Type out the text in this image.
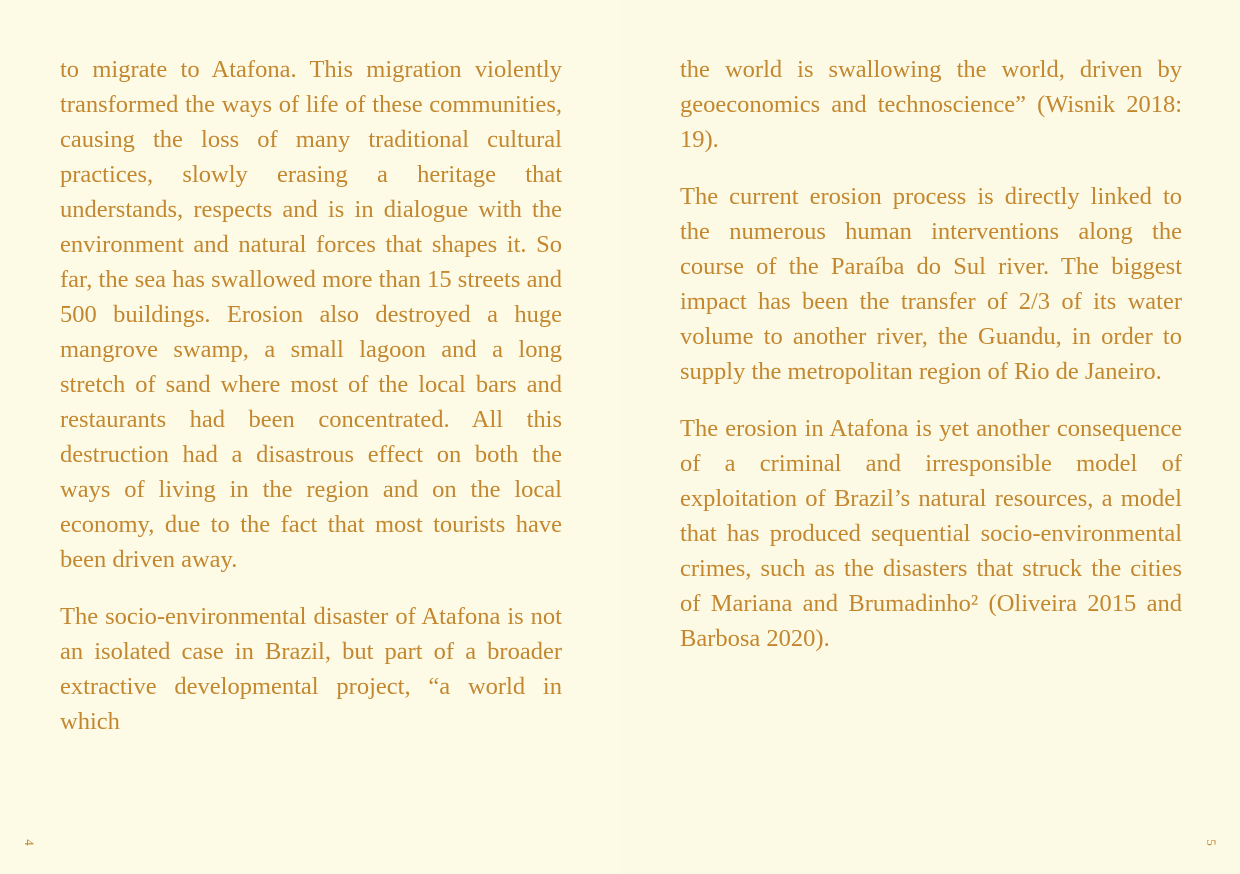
to migrate to Atafona. This migration violently transformed the ways of life of these communities, causing the loss of many traditional cultural practices, slowly erasing a heritage that understands, respects and is in dialogue with the environment and natural forces that shapes it. So far, the sea has swallowed more than 15 streets and 500 buildings. Erosion also destroyed a huge mangrove swamp, a small lagoon and a long stretch of sand where most of the local bars and restaurants had been concentrated. All this destruction had a disastrous effect on both the ways of living in the region and on the local economy, due to the fact that most tourists have been driven away.

The socio-environmental disaster of Atafona is not an isolated case in Brazil, but part of a broader extractive developmental project, “a world in which

4

the world is swallowing the world, driven by geoeconomics and technoscience” (Wisnik 2018: 19).

The current erosion process is directly linked to the numerous human interventions along the course of the Paraíba do Sul river. The biggest impact has been the transfer of 2/3 of its water volume to another river, the Guandu, in order to supply the metropolitan region of Rio de Janeiro.

The erosion in Atafona is yet another consequence of a criminal and irresponsible model of exploitation of Brazil’s natural resources, a model that has produced sequential socio-environmental crimes, such as the disasters that struck the cities of Mariana and Brumadinho² (Oliveira 2015 and Barbosa 2020).

5
